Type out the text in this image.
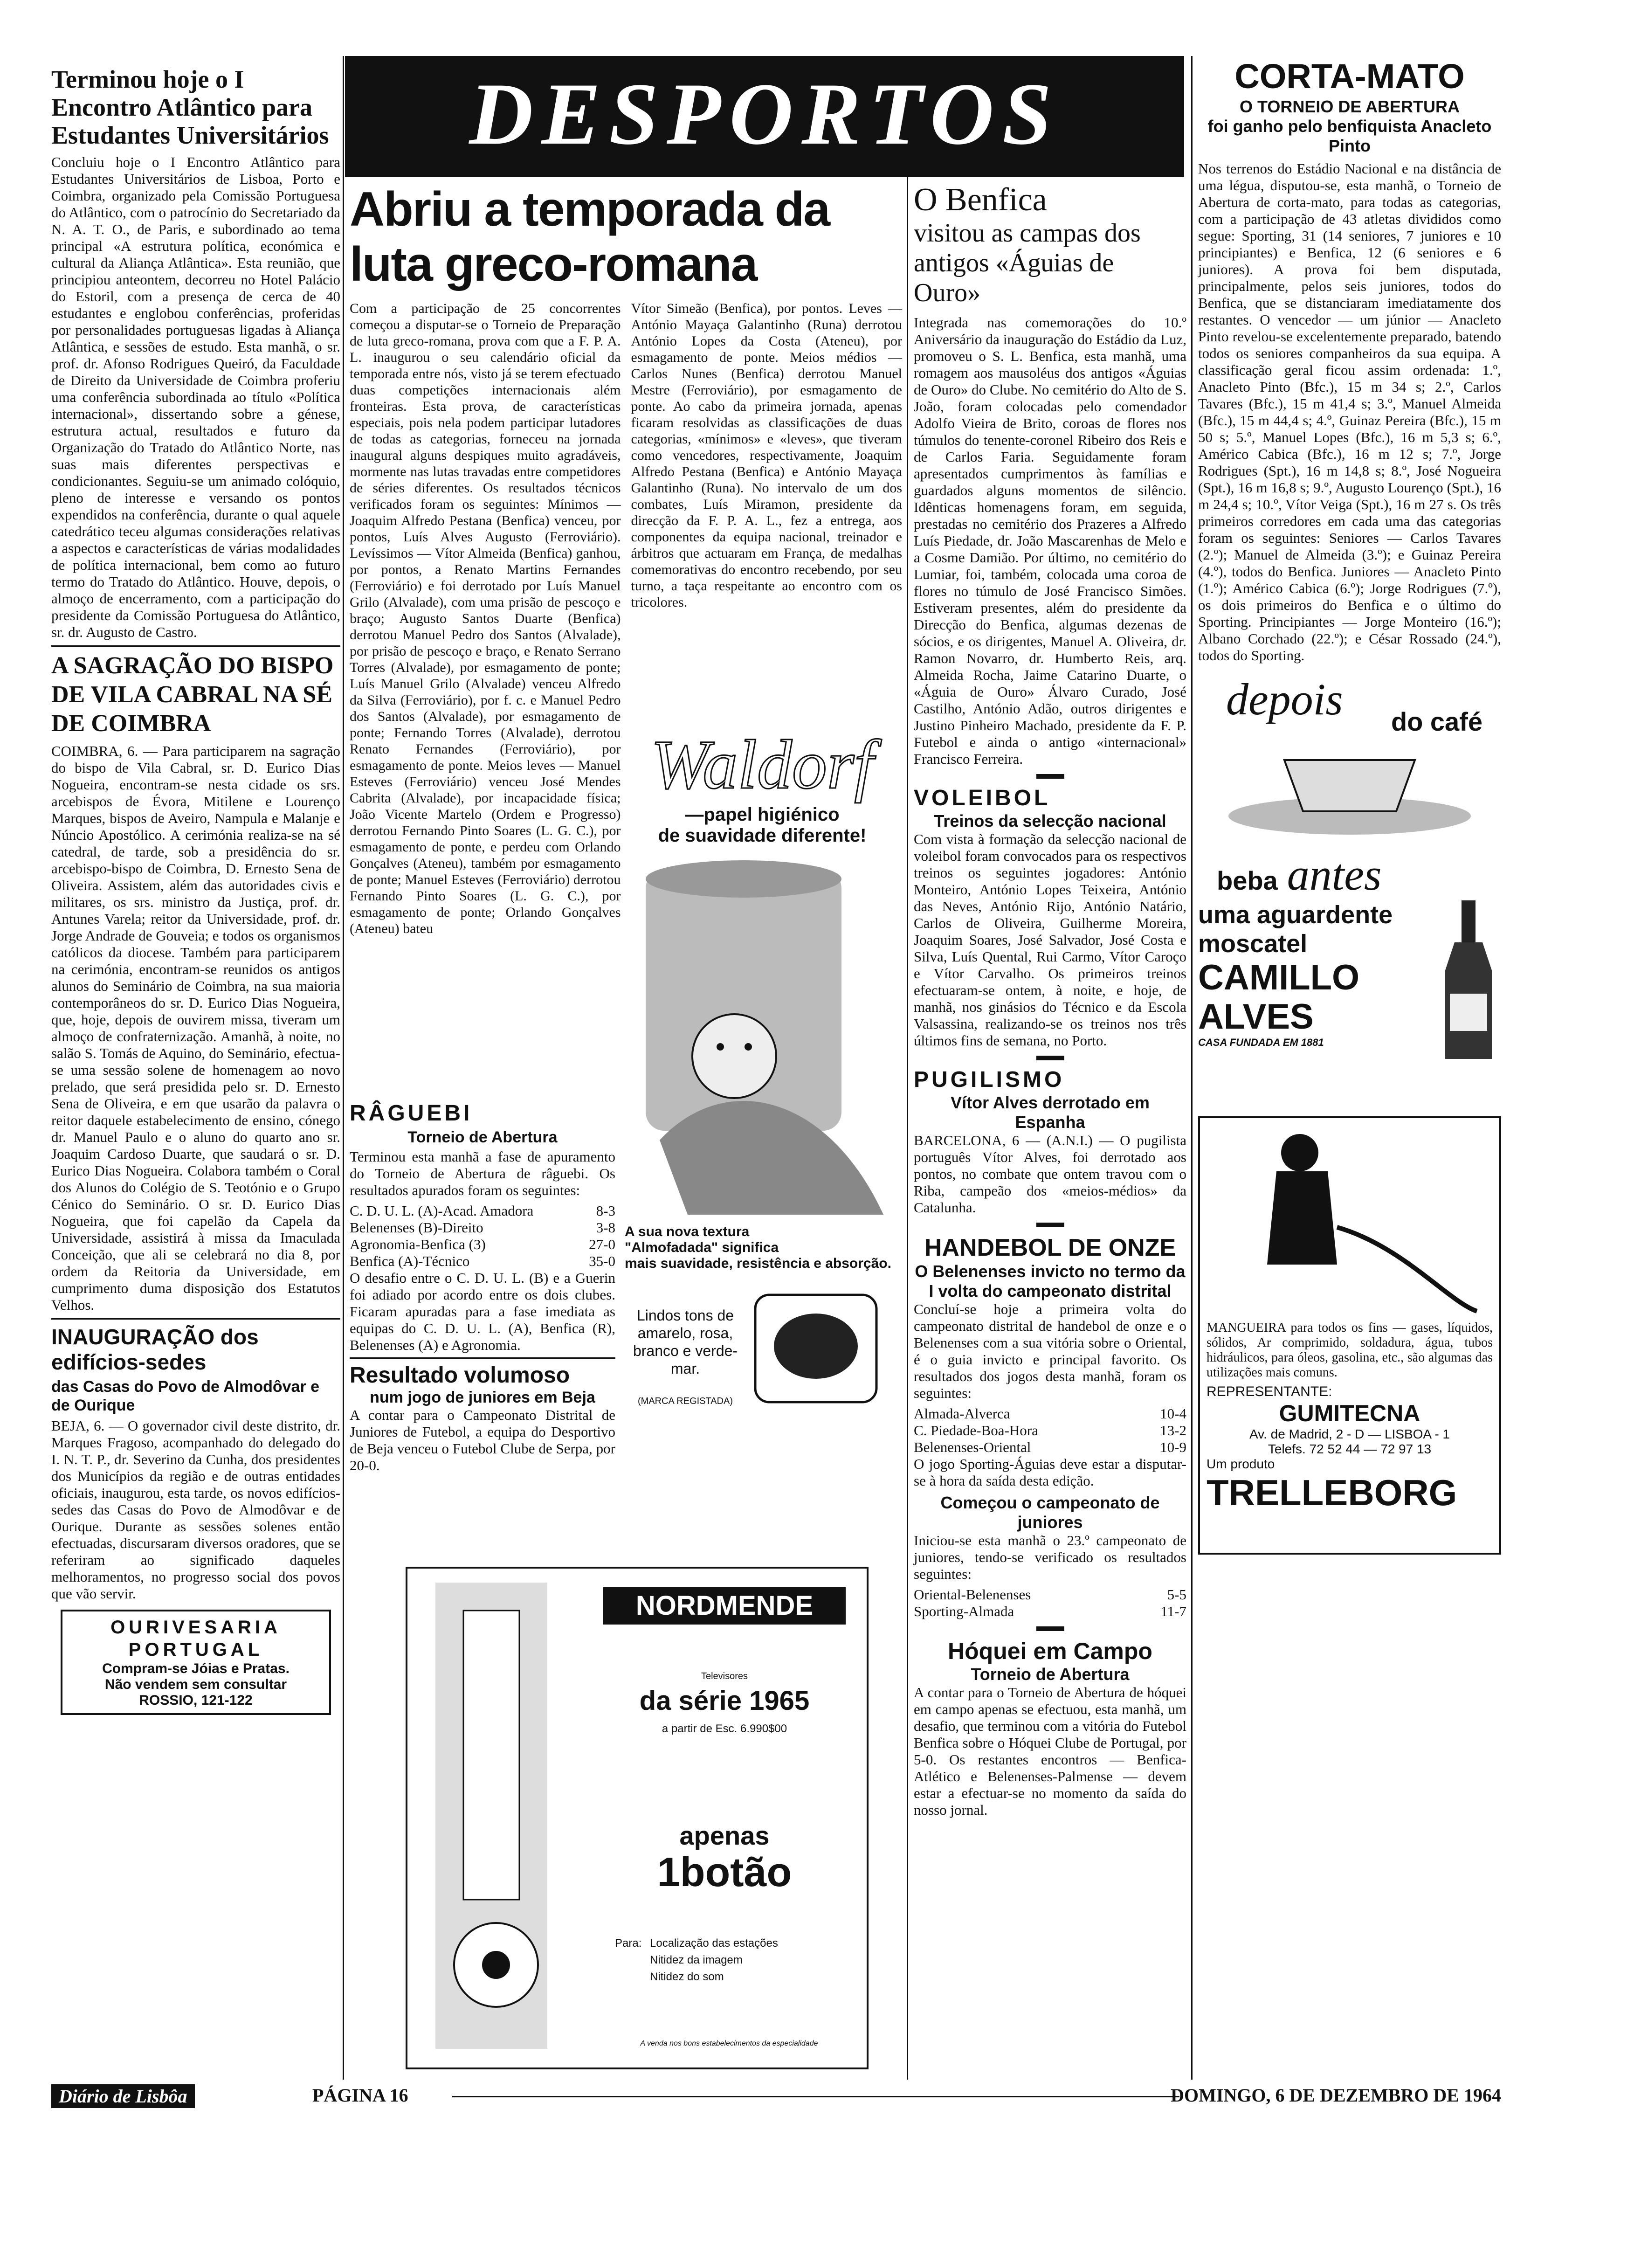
DESPORTOS
Terminou hoje o I Encontro Atlântico para Estudantes Universitários

Concluiu hoje o I Encontro Atlântico para Estudantes Universitários de Lisboa, Porto e Coimbra, organizado pela Comissão Portuguesa do Atlântico, com o patrocínio do Secretariado da N. A. T. O., de Paris, e subordinado ao tema principal «A estrutura política, económica e cultural da Aliança Atlântica». Esta reunião, que principiou anteontem, decorreu no Hotel Palácio do Estoril, com a presença de cerca de 40 estudantes e englobou conferências, proferidas por personalidades portuguesas ligadas à Aliança Atlântica, e sessões de estudo. Esta manhã, o sr. prof. dr. Afonso Rodrigues Queiró, da Faculdade de Direito da Universidade de Coimbra proferiu uma conferência subordinada ao título «Política internacional», dissertando sobre a génese, estrutura actual, resultados e futuro da Organização do Tratado do Atlântico Norte, nas suas mais diferentes perspectivas e condicionantes. Seguiu-se um animado colóquio, pleno de interesse e versando os pontos expendidos na conferência, durante o qual aquele catedrático teceu algumas considerações relativas a aspectos e características de várias modalidades de política internacional, bem como ao futuro termo do Tratado do Atlântico. Houve, depois, o almoço de encerramento, com a participação do presidente da Comissão Portuguesa do Atlântico, sr. dr. Augusto de Castro.

A SAGRAÇÃO DO BISPO DE VILA CABRAL NA SÉ DE COIMBRA

COIMBRA, 6. — Para participarem na sagração do bispo de Vila Cabral, sr. D. Eurico Dias Nogueira, encontram-se nesta cidade os srs. arcebispos de Évora, Mitilene e Lourenço Marques, bispos de Aveiro, Nampula e Malanje e Núncio Apostólico. A cerimónia realiza-se na sé catedral, de tarde, sob a presidência do sr. arcebispo-bispo de Coimbra, D. Ernesto Sena de Oliveira. Assistem, além das autoridades civis e militares, os srs. ministro da Justiça, prof. dr. Antunes Varela; reitor da Universidade, prof. dr. Jorge Andrade de Gouveia; e todos os organismos católicos da diocese. Também para participarem na cerimónia, encontram-se reunidos os antigos alunos do Seminário de Coimbra, na sua maioria contemporâneos do sr. D. Eurico Dias Nogueira, que, hoje, depois de ouvirem missa, tiveram um almoço de confraternização. Amanhã, à noite, no salão S. Tomás de Aquino, do Seminário, efectua-se uma sessão solene de homenagem ao novo prelado, que será presidida pelo sr. D. Ernesto Sena de Oliveira, e em que usarão da palavra o reitor daquele estabelecimento de ensino, cónego dr. Manuel Paulo e o aluno do quarto ano sr. Joaquim Cardoso Duarte, que saudará o sr. D. Eurico Dias Nogueira. Colabora também o Coral dos Alunos do Colégio de S. Teotónio e o Grupo Cénico do Seminário. O sr. D. Eurico Dias Nogueira, que foi capelão da Capela da Universidade, assistirá à missa da Imaculada Conceição, que ali se celebrará no dia 8, por ordem da Reitoria da Universidade, em cumprimento duma disposição dos Estatutos Velhos.

INAUGURAÇÃO dos edifícios-sedes
das Casas do Povo de Almodôvar e de Ourique

BEJA, 6. — O governador civil deste distrito, dr. Marques Fragoso, acompanhado do delegado do I. N. T. P., dr. Severino da Cunha, dos presidentes dos Municípios da região e de outras entidades oficiais, inaugurou, esta tarde, os novos edifícios-sedes das Casas do Povo de Almodôvar e de Ourique. Durante as sessões solenes então efectuadas, discursaram diversos oradores, que se referiram ao significado daqueles melhoramentos, no progresso social dos povos que vão servir.

OURIVESARIA PORTUGAL
Compram-se Jóias e Pratas.
Não vendem sem consultar
ROSSIO, 121-122
Abriu a temporada da luta greco-romana

Com a participação de 25 concorrentes começou a disputar-se o Torneio de Preparação de luta greco-romana, prova com que a F. P. A. L. inaugurou o seu calendário oficial da temporada entre nós, visto já se terem efectuado duas competições internacionais além fronteiras. Esta prova, de características especiais, pois nela podem participar lutadores de todas as categorias, forneceu na jornada inaugural alguns despiques muito agradáveis, mormente nas lutas travadas entre competidores de séries diferentes. Os resultados técnicos verificados foram os seguintes: Mínimos — Joaquim Alfredo Pestana (Benfica) venceu, por pontos, Luís Alves Augusto (Ferroviário). Levíssimos — Vítor Almeida (Benfica) ganhou, por pontos, a Renato Martins Fernandes (Ferroviário) e foi derrotado por Luís Manuel Grilo (Alvalade), com uma prisão de pescoço e braço; Augusto Santos Duarte (Benfica) derrotou Manuel Pedro dos Santos (Alvalade), por prisão de pescoço e braço, e Renato Serrano Torres (Alvalade), por esmagamento de ponte; Luís Manuel Grilo (Alvalade) venceu Alfredo da Silva (Ferroviário), por f. c. e Manuel Pedro dos Santos (Alvalade), por esmagamento de ponte; Fernando Torres (Alvalade), derrotou Renato Fernandes (Ferroviário), por esmagamento de ponte. Meios leves — Manuel Esteves (Ferroviário) venceu José Mendes Cabrita (Alvalade), por incapacidade física; João Vicente Martelo (Ordem e Progresso) derrotou Fernando Pinto Soares (L. G. C.), por esmagamento de ponte, e perdeu com Orlando Gonçalves (Ateneu), também por esmagamento de ponte; Manuel Esteves (Ferroviário) derrotou Fernando Pinto Soares (L. G. C.), por esmagamento de ponte; Orlando Gonçalves (Ateneu) bateu

Vítor Simeão (Benfica), por pontos. Leves — António Mayaça Galantinho (Runa) derrotou António Lopes da Costa (Ateneu), por esmagamento de ponte. Meios médios — Carlos Nunes (Benfica) derrotou Manuel Mestre (Ferroviário), por esmagamento de ponte. Ao cabo da primeira jornada, apenas ficaram resolvidas as classificações de duas categorias, «mínimos» e «leves», que tiveram como vencedores, respectivamente, Joaquim Alfredo Pestana (Benfica) e António Mayaça Galantinho (Runa). No intervalo de um dos combates, Luís Miramon, presidente da direcção da F. P. A. L., fez a entrega, aos componentes da equipa nacional, treinador e árbitros que actuaram em França, de medalhas comemorativas do encontro recebendo, por seu turno, a taça respeitante ao encontro com os tricolores.

RÂGUEBI
Torneio de Abertura

Terminou esta manhã a fase de apuramento do Torneio de Abertura de râguebi. Os resultados apurados foram os seguintes:

C. D. U. L. (A)-Acad. Amadora	8-3
Belenenses (B)-Direito	3-8
Agronomia-Benfica (3)	27-0
Benfica (A)-Técnico	35-0

O desafio entre o C. D. U. L. (B) e a Guerin foi adiado por acordo entre os dois clubes. Ficaram apuradas para a fase imediata as equipas do C. D. U. L. (A), Benfica (R), Belenenses (A) e Agronomia.

Resultado volumoso
num jogo de juniores em Beja

A contar para o Campeonato Distrital de Juniores de Futebol, a equipa do Desportivo de Beja venceu o Futebol Clube de Serpa, por 20-0.

Waldorf
—papel higiénico
de suavidade diferente!
A sua nova textura
"Almofadada" significa
mais suavidade, resistência e absorção.
Lindos tons de amarelo, rosa, branco e verde-mar.
(MARCA REGISTADA)
NORDMENDE
Televisores
da série 1965
a partir de Esc. 6.990$00
apenas
1botão
Para: Localização das estações
Nitidez da imagem
Nitidez do som
A venda nos bons estabelecimentos da especialidade
O Benfica
visitou as campas dos antigos «Águias de Ouro»

Integrada nas comemorações do 10.º Aniversário da inauguração do Estádio da Luz, promoveu o S. L. Benfica, esta manhã, uma romagem aos mausoléus dos antigos «Águias de Ouro» do Clube. No cemitério do Alto de S. João, foram colocadas pelo comendador Adolfo Vieira de Brito, coroas de flores nos túmulos do tenente-coronel Ribeiro dos Reis e de Carlos Faria. Seguidamente foram apresentados cumprimentos às famílias e guardados alguns momentos de silêncio. Idênticas homenagens foram, em seguida, prestadas no cemitério dos Prazeres a Alfredo Luís Piedade, dr. João Mascarenhas de Melo e a Cosme Damião. Por último, no cemitério do Lumiar, foi, também, colocada uma coroa de flores no túmulo de José Francisco Simões. Estiveram presentes, além do presidente da Direcção do Benfica, algumas dezenas de sócios, e os dirigentes, Manuel A. Oliveira, dr. Ramon Novarro, dr. Humberto Reis, arq. Almeida Rocha, Jaime Catarino Duarte, o «Águia de Ouro» Álvaro Curado, José Castilho, António Adão, outros dirigentes e Justino Pinheiro Machado, presidente da F. P. Futebol e ainda o antigo «internacional» Francisco Ferreira.

VOLEIBOL
Treinos da selecção nacional

Com vista à formação da selecção nacional de voleibol foram convocados para os respectivos treinos os seguintes jogadores: António Monteiro, António Lopes Teixeira, António das Neves, António Rijo, António Natário, Carlos de Oliveira, Guilherme Moreira, Joaquim Soares, José Salvador, José Costa e Silva, Luís Quental, Rui Carmo, Vítor Caroço e Vítor Carvalho. Os primeiros treinos efectuaram-se ontem, à noite, e hoje, de manhã, nos ginásios do Técnico e da Escola Valsassina, realizando-se os treinos nos três últimos fins de semana, no Porto.

PUGILISMO
Vítor Alves derrotado em Espanha

BARCELONA, 6 — (A.N.I.) — O pugilista português Vítor Alves, foi derrotado aos pontos, no combate que ontem travou com o Riba, campeão dos «meios-médios» da Catalunha.

HANDEBOL DE ONZE
O Belenenses invicto no termo da I volta do campeonato distrital

Concluí-se hoje a primeira volta do campeonato distrital de handebol de onze e o Belenenses com a sua vitória sobre o Oriental, é o guia invicto e principal favorito. Os resultados dos jogos desta manhã, foram os seguintes:

Almada-Alverca	10-4
C. Piedade-Boa-Hora	13-2
Belenenses-Oriental	10-9

O jogo Sporting-Águias deve estar a disputar-se à hora da saída desta edição.

Começou o campeonato de juniores

Iniciou-se esta manhã o 23.º campeonato de juniores, tendo-se verificado os resultados seguintes:

Oriental-Belenenses	5-5
Sporting-Almada	11-7
Hóquei em Campo
Torneio de Abertura

A contar para o Torneio de Abertura de hóquei em campo apenas se efectuou, esta manhã, um desafio, que terminou com a vitória do Futebol Benfica sobre o Hóquei Clube de Portugal, por 5-0. Os restantes encontros — Benfica-Atlético e Belenenses-Palmense — devem estar a efectuar-se no momento da saída do nosso jornal.

CORTA-MATO
O TORNEIO DE ABERTURA
foi ganho pelo benfiquista Anacleto Pinto

Nos terrenos do Estádio Nacional e na distância de uma légua, disputou-se, esta manhã, o Torneio de Abertura de corta-mato, para todas as categorias, com a participação de 43 atletas divididos como segue: Sporting, 31 (14 seniores, 7 juniores e 10 principiantes) e Benfica, 12 (6 seniores e 6 juniores). A prova foi bem disputada, principalmente, pelos seis juniores, todos do Benfica, que se distanciaram imediatamente dos restantes. O vencedor — um júnior — Anacleto Pinto revelou-se excelentemente preparado, batendo todos os seniores companheiros da sua equipa. A classificação geral ficou assim ordenada: 1.º, Anacleto Pinto (Bfc.), 15 m 34 s; 2.º, Carlos Tavares (Bfc.), 15 m 41,4 s; 3.º, Manuel Almeida (Bfc.), 15 m 44,4 s; 4.º, Guinaz Pereira (Bfc.), 15 m 50 s; 5.º, Manuel Lopes (Bfc.), 16 m 5,3 s; 6.º, Américo Cabica (Bfc.), 16 m 12 s; 7.º, Jorge Rodrigues (Spt.), 16 m 14,8 s; 8.º, José Nogueira (Spt.), 16 m 16,8 s; 9.º, Augusto Lourenço (Spt.), 16 m 24,4 s; 10.º, Vítor Veiga (Spt.), 16 m 27 s. Os três primeiros corredores em cada uma das categorias foram os seguintes: Seniores — Carlos Tavares (2.º); Manuel de Almeida (3.º); e Guinaz Pereira (4.º), todos do Benfica. Juniores — Anacleto Pinto (1.º); Américo Cabica (6.º); Jorge Rodrigues (7.º), os dois primeiros do Benfica e o último do Sporting. Principiantes — Jorge Monteiro (16.º); Albano Corchado (22.º); e César Rossado (24.º), todos do Sporting.

depois	do café
beba antes
uma aguardente moscatel
CAMILLO ALVES
CASA FUNDADA EM 1881

MANGUEIRA para todos os fins — gases, líquidos, sólidos, Ar comprimido, soldadura, água, tubos hidráulicos, para óleos, gasolina, etc., são algumas das utilizações mais comuns.

REPRESENTANTE:
GUMITECNA
Av. de Madrid, 2 - D — LISBOA - 1
Telefs. 72 52 44 — 72 97 13
Um produto
TRELLEBORG
Diário de Lisbôa	PÁGINA 16	DOMINGO, 6 DE DEZEMBRO DE 1964
